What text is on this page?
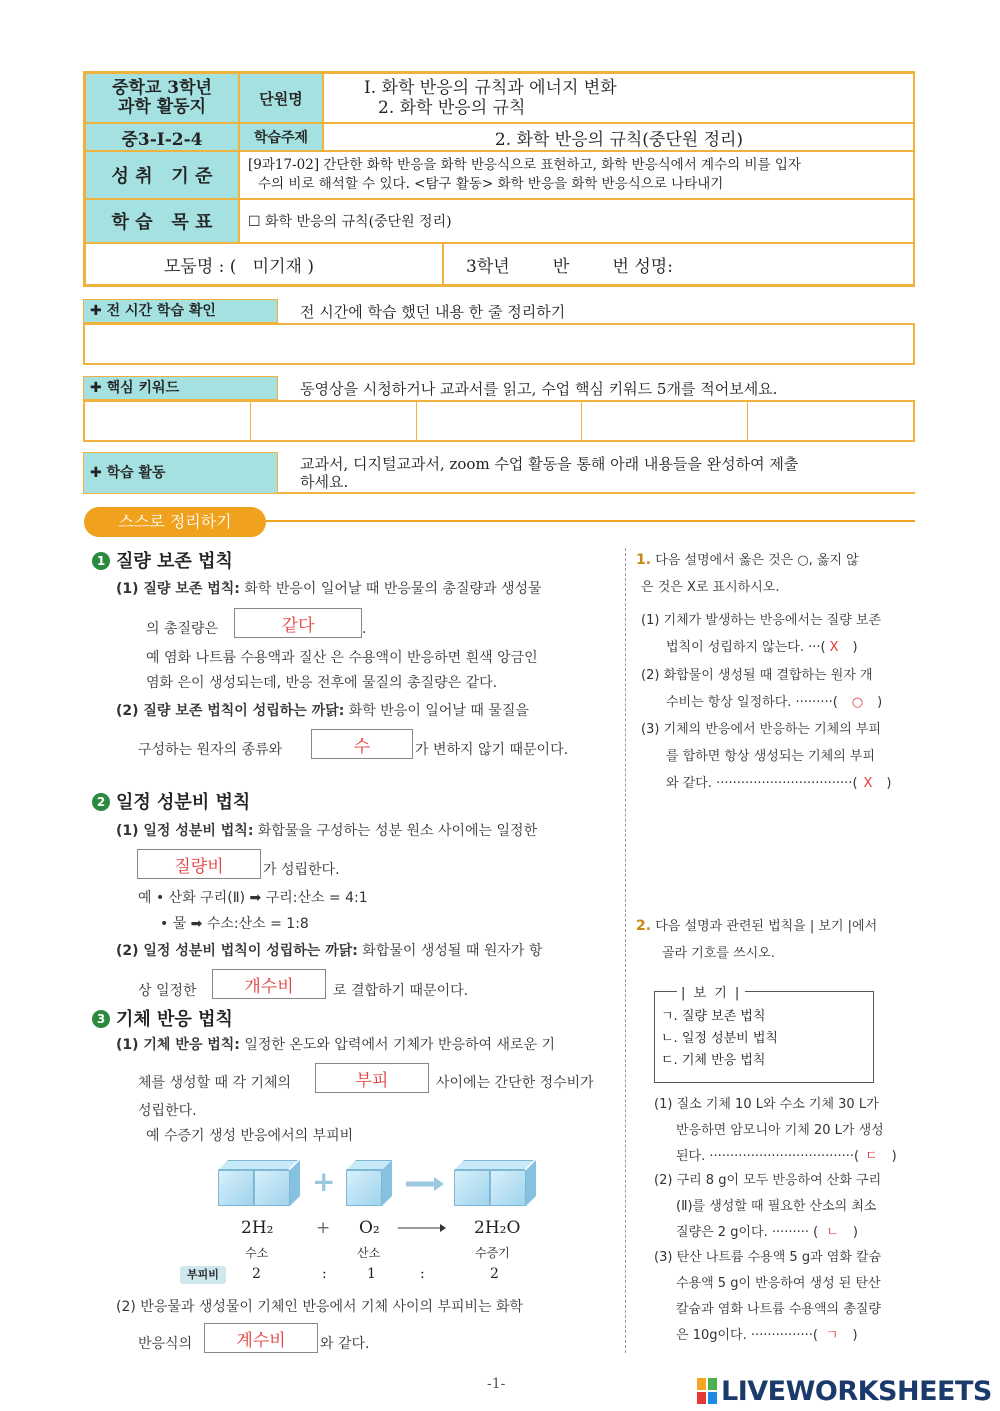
중학교 3학년
과학 활동지	단원명
Ⅰ. 화학 반응의 규칙과 에너지 변화
2. 화학 반응의 규칙
중3-Ⅰ-2-4	학습주제	2. 화학 반응의 규칙(중단원 정리)
성 취   기 준
[9과17-02] 간단한 화학 반응을 화학 반응식으로 표현하고, 화학 반응식에서 계수의 비를 입자
수의 비로 해석할 수 있다. <탐구 활동> 화학 반응을 화학 반응식으로 나타내기
학 습   목 표	☐ 화학 반응의 규칙(중단원 정리)
모둠명 : (   미기재 )	3학년        반        번 성명:
✚ 전 시간 학습 확인	전 시간에 학습 했던 내용 한 줄 정리하기
✚ 핵심 키워드	동영상을 시청하거나 교과서를 읽고, 수업 핵심 키워드 5개를 적어보세요.
✚ 학습 활동	교과서, 디지털교과서, zoom 수업 활동을 통해 아래 내용들을 완성하여 제출
하세요.
스스로 정리하기
1 질량 보존 법칙
(1) 질량 보존 법칙: 화학 반응이 일어날 때 반응물의 총질량과 생성물
의 총질량은	같다	.
예 염화 나트륨 수용액과 질산 은 수용액이 반응하면 흰색 앙금인
염화 은이 생성되는데, 반응 전후에 물질의 총질량은 같다.
(2) 질량 보존 법칙이 성립하는 까닭: 화학 반응이 일어날 때 물질을
구성하는 원자의 종류와	수	가 변하지 않기 때문이다.
2 일정 성분비 법칙
(1) 일정 성분비 법칙: 화합물을 구성하는 성분 원소 사이에는 일정한
질량비	가 성립한다.
예 • 산화 구리(Ⅱ) ➡ 구리:산소 = 4:1
• 물 ➡ 수소:산소 = 1:8
(2) 일정 성분비 법칙이 성립하는 까닭: 화합물이 생성될 때 원자가 항
상 일정한	개수비	로 결합하기 때문이다.
3 기체 반응 법칙
(1) 기체 반응 법칙: 일정한 온도와 압력에서 기체가 반응하여 새로운 기
체를 생성할 때 각 기체의	부피	사이에는 간단한 정수비가
성립한다.
예 수증기 생성 반응에서의 부피비
+
2H₂	+ O₂	2H₂O
수소	산소	수증기
부피비	2	:	1	:	2
(2) 반응물과 생성물이 기체인 반응에서 기체 사이의 부피비는 화학
반응식의	계수비	와 같다.
1. 다음 설명에서 옳은 것은 ○, 옳지 않
은 것은 X로 표시하시오.
(1) 기체가 발생하는 반응에서는 질량 보존
법칙이 성립하지 않는다. ···( X )
(2) 화합물이 생성될 때 결합하는 원자 개
수비는 항상 일정하다. ·········( ○ )
(3) 기체의 반응에서 반응하는 기체의 부피
를 합하면 항상 생성되는 기체의 부피
와 같다. ·································( X )
2. 다음 설명과 관련된 법칙을 | 보기 |에서
골라 기호를 쓰시오.
| 보 기 |
ㄱ. 질량 보존 법칙
ㄴ. 일정 성분비 법칙
ㄷ. 기체 반응 법칙
(1) 질소 기체 10 L와 수소 기체 30 L가
반응하면 암모니아 기체 20 L가 생성
된다. ···································( ㄷ )
(2) 구리 8 g이 모두 반응하여 산화 구리
(Ⅱ)를 생성할 때 필요한 산소의 최소
질량은 2 g이다. ········· ( ㄴ )
(3) 탄산 나트륨 수용액 5 g과 염화 칼슘
수용액 5 g이 반응하여 생성 된 탄산
칼슘과 염화 나트륨 수용액의 총질량
은 10g이다. ···············( ㄱ )
-1-	LIVEWORKSHEETS
